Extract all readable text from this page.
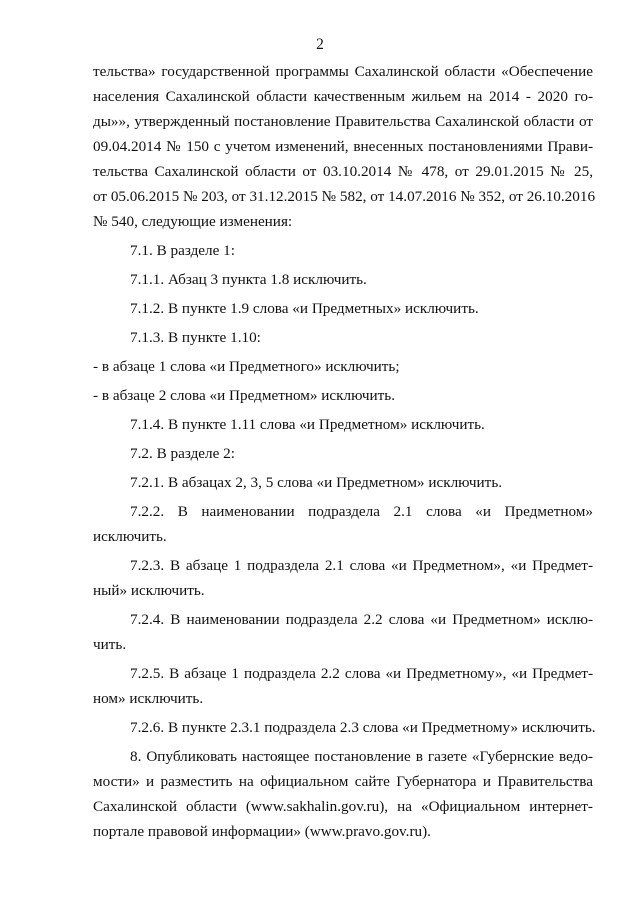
2
тельства» государственной программы Сахалинской области «Обеспечение
населения Сахалинской области качественным жильем на 2014 - 2020 го-
ды»», утвержденный постановление Правительства Сахалинской области от
09.04.2014 № 150 с учетом изменений, внесенных постановлениями Прави-
тельства Сахалинской области от 03.10.2014 № 478, от 29.01.2015 № 25,
от 05.06.2015 № 203, от 31.12.2015 № 582, от 14.07.2016 № 352, от 26.10.2016
№ 540, следующие изменения:
7.1. В разделе 1:
7.1.1. Абзац 3 пункта 1.8 исключить.
7.1.2. В пункте 1.9 слова «и Предметных» исключить.
7.1.3. В пункте 1.10:
- в абзаце 1 слова «и Предметного» исключить;
- в абзаце 2 слова «и Предметном» исключить.
7.1.4. В пункте 1.11 слова «и Предметном» исключить.
7.2. В разделе 2:
7.2.1. В абзацах 2, 3, 5 слова «и Предметном» исключить.
7.2.2. В наименовании подраздела 2.1 слова «и Предметном»
исключить.
7.2.3. В абзаце 1 подраздела 2.1 слова «и Предметном», «и Предмет-
ный» исключить.
7.2.4. В наименовании подраздела 2.2 слова «и Предметном» исклю-
чить.
7.2.5. В абзаце 1 подраздела 2.2 слова «и Предметному», «и Предмет-
ном» исключить.
7.2.6. В пункте 2.3.1 подраздела 2.3 слова «и Предметному» исключить.
8. Опубликовать настоящее постановление в газете «Губернские ведо-
мости» и разместить на официальном сайте Губернатора и Правительства
Сахалинской области (www.sakhalin.gov.ru), на «Официальном интернет-
портале правовой информации» (www.pravo.gov.ru).
